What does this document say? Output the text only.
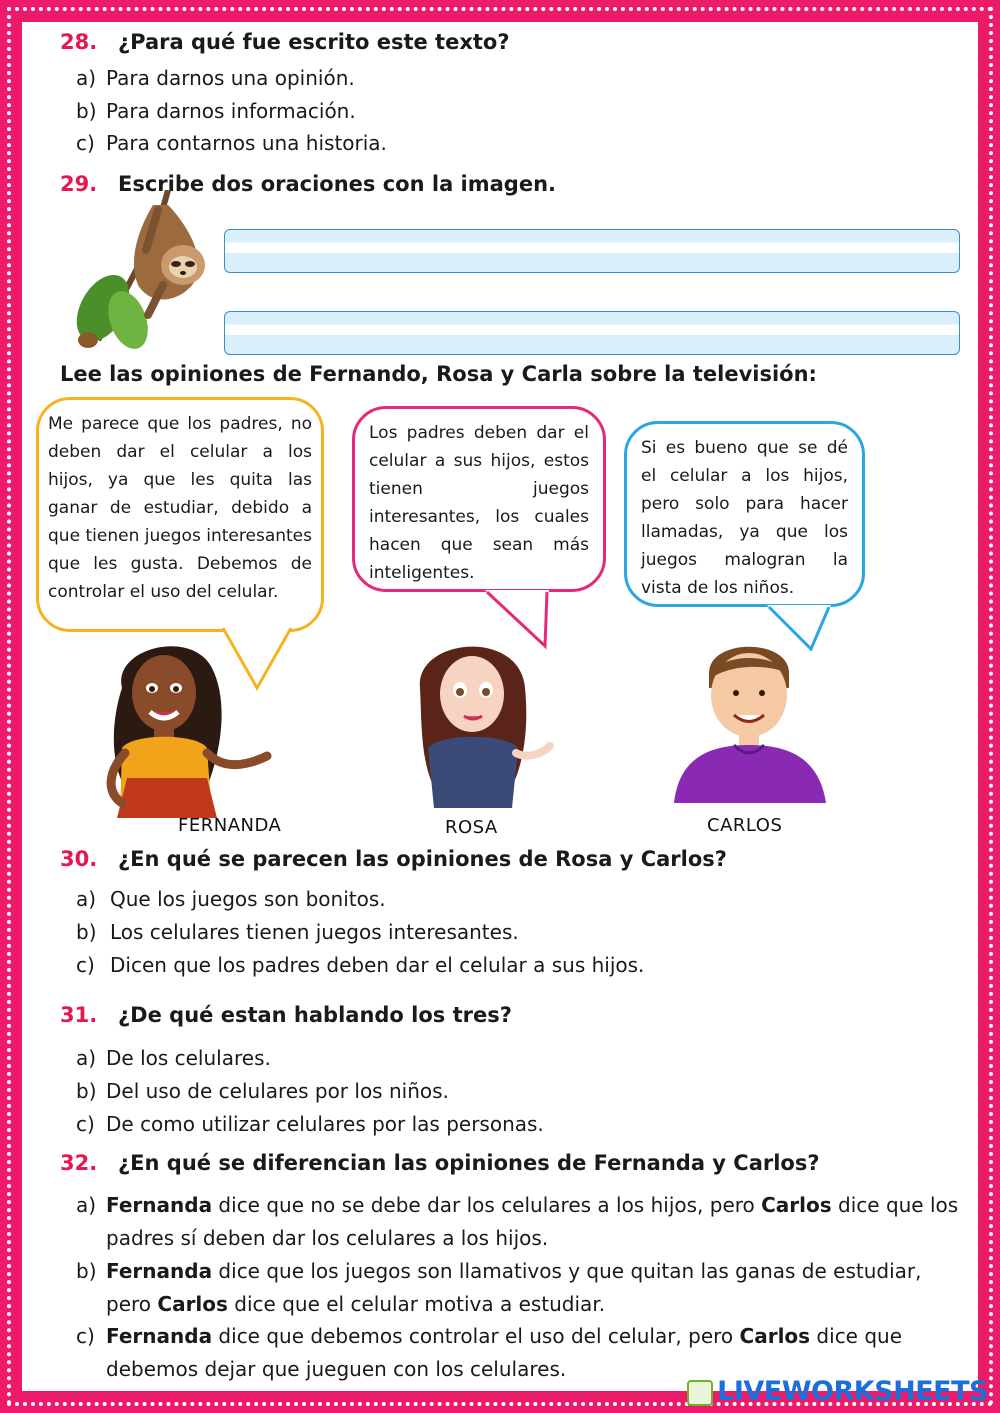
28. ¿Para qué fue escrito este texto?
a) Para darnos una opinión.
b) Para darnos información.
c) Para contarnos una historia.
29. Escribe dos oraciones con la imagen.
Lee las opiniones de Fernando, Rosa y Carla sobre la televisión:
Me parece que los padres, no deben dar el celular a los hijos, ya que les quita las ganar de estudiar, debido a que tienen juegos interesantes que les gusta. Debemos de controlar el uso del celular.
Los padres deben dar el celular a sus hijos, estos tienen juegos interesantes, los cuales hacen que sean más inteligentes.
Si es bueno que se dé el celular a los hijos, pero solo para hacer llamadas, ya que los juegos malogran la vista de los niños.
FERNANDA	ROSA	CARLOS
30. ¿En qué se parecen las opiniones de Rosa y Carlos?
a) Que los juegos son bonitos.
b) Los celulares tienen juegos interesantes.
c) Dicen que los padres deben dar el celular a sus hijos.
31. ¿De qué estan hablando los tres?
a) De los celulares.
b) Del uso de celulares por los niños.
c) De como utilizar celulares por las personas.
32. ¿En qué se diferencian las opiniones de Fernanda y Carlos?
a) Fernanda dice que no se debe dar los celulares a los hijos, pero Carlos dice que los padres sí deben dar los celulares a los hijos.
b) Fernanda dice que los juegos son llamativos y que quitan las ganas de estudiar, pero Carlos dice que el celular motiva a estudiar.
c) Fernanda dice que debemos controlar el uso del celular, pero Carlos dice que debemos dejar que jueguen con los celulares.
LIVEWORKSHEETS
